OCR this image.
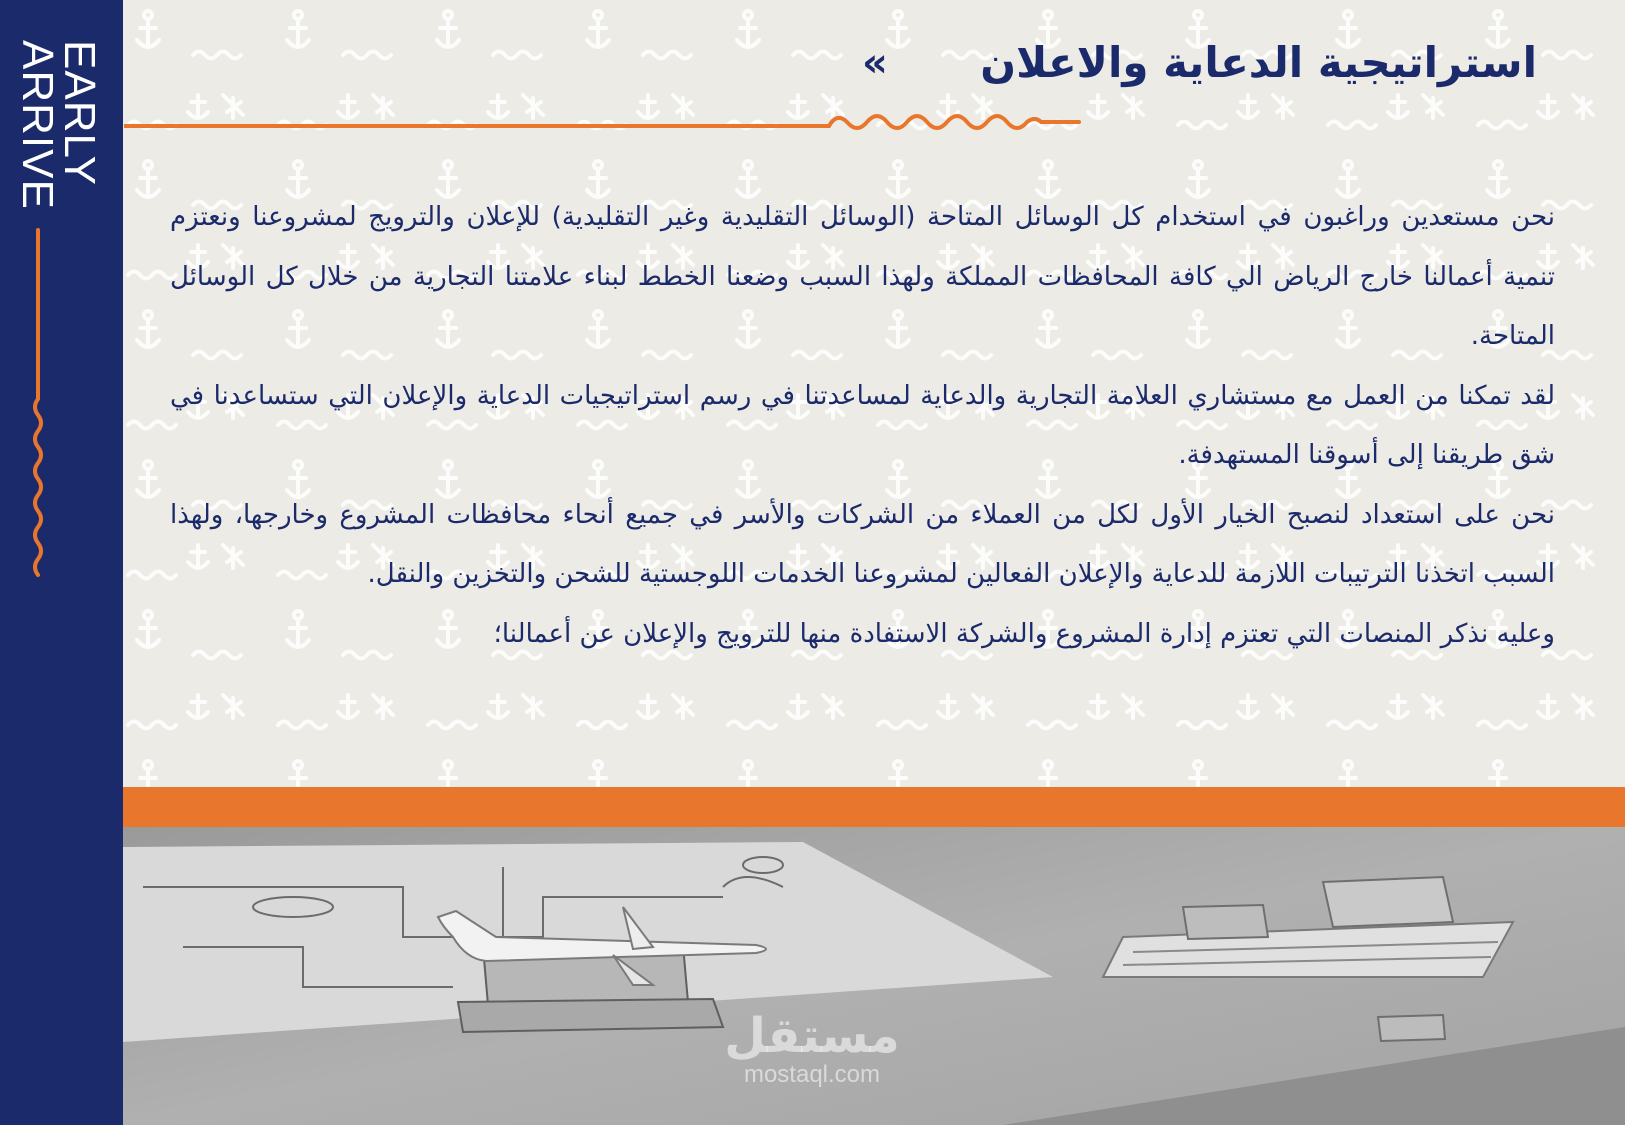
EARLY
ARRIVE	استراتيجية الدعاية والاعلان
«

نحن مستعدين وراغبون في استخدام كل الوسائل المتاحة (الوسائل التقليدية وغير التقليدية) للإعلان والترويج لمشروعنا ونعتزم تنمية أعمالنا خارج الرياض الي كافة المحافظات المملكة ولهذا السبب وضعنا الخطط لبناء علامتنا التجارية من خلال كل الوسائل المتاحة.

لقد تمكنا من العمل مع مستشاري العلامة التجارية والدعاية لمساعدتنا في رسم استراتيجيات الدعاية والإعلان التي ستساعدنا في شق طريقنا إلى أسوقنا المستهدفة.

نحن على استعداد لنصبح الخيار الأول لكل من العملاء من الشركات والأسر في جميع أنحاء محافظات المشروع وخارجها، ولهذا السبب اتخذنا الترتيبات اللازمة للدعاية والإعلان الفعالين لمشروعنا الخدمات اللوجستية للشحن والتخزين والنقل.

وعليه نذكر المنصات التي تعتزم إدارة المشروع والشركة الاستفادة منها للترويج والإعلان عن أعمالنا؛

مستقل
mostaql.com
